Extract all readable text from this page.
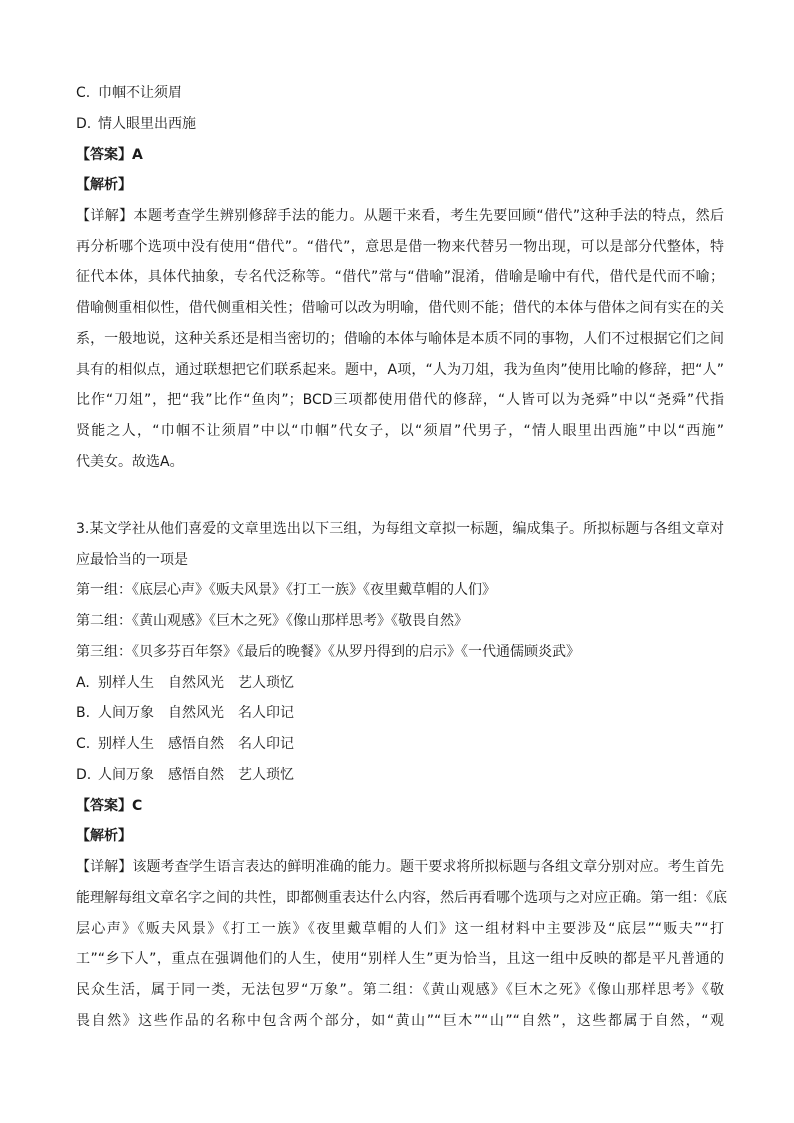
C. 巾帼不让须眉
D. 情人眼里出西施
【答案】A
【解析】
【详解】本题考查学生辨别修辞手法的能力。从题干来看，考生先要回顾“借代”这种手法的特点，然后
再分析哪个选项中没有使用“借代”。“借代”，意思是借一物来代替另一物出现，可以是部分代整体，特
征代本体，具体代抽象，专名代泛称等。“借代”常与“借喻”混淆，借喻是喻中有代，借代是代而不喻；
借喻侧重相似性，借代侧重相关性；借喻可以改为明喻，借代则不能；借代的本体与借体之间有实在的关
系，一般地说，这种关系还是相当密切的；借喻的本体与喻体是本质不同的事物，人们不过根据它们之间
具有的相似点，通过联想把它们联系起来。题中，A项，“人为刀俎，我为鱼肉”使用比喻的修辞，把“人”
比作“刀俎”，把“我”比作“鱼肉”；BCD三项都使用借代的修辞，“人皆可以为尧舜”中以“尧舜”代指
贤能之人，“巾帼不让须眉”中以“巾帼”代女子，以“须眉”代男子，“情人眼里出西施”中以“西施”
代美女。故选A。
3.某文学社从他们喜爱的文章里选出以下三组，为每组文章拟一标题，编成集子。所拟标题与各组文章对
应最恰当的一项是
第一组：《底层心声》《贩夫风景》《打工一族》《夜里戴草帽的人们》
第二组：《黄山观感》《巨木之死》《像山那样思考》《敬畏自然》
第三组：《贝多芬百年祭》《最后的晚餐》《从罗丹得到的启示》《一代通儒顾炎武》
A. 别样人生 自然风光 艺人琐忆
B. 人间万象 自然风光 名人印记
C. 别样人生 感悟自然 名人印记
D. 人间万象 感悟自然 艺人琐忆
【答案】C
【解析】
【详解】该题考查学生语言表达的鲜明准确的能力。题干要求将所拟标题与各组文章分别对应。考生首先
能理解每组文章名字之间的共性，即都侧重表达什么内容，然后再看哪个选项与之对应正确。第一组：《底
层心声》《贩夫风景》《打工一族》《夜里戴草帽的人们》这一组材料中主要涉及“底层”“贩夫”“打
工”“乡下人”，重点在强调他们的人生，使用“别样人生”更为恰当，且这一组中反映的都是平凡普通的
民众生活，属于同一类，无法包罗“万象”。第二组：《黄山观感》《巨木之死》《像山那样思考》《敬
畏自然》这些作品的名称中包含两个部分，如“黄山”“巨木”“山”“自然”，这些都属于自然，“观
